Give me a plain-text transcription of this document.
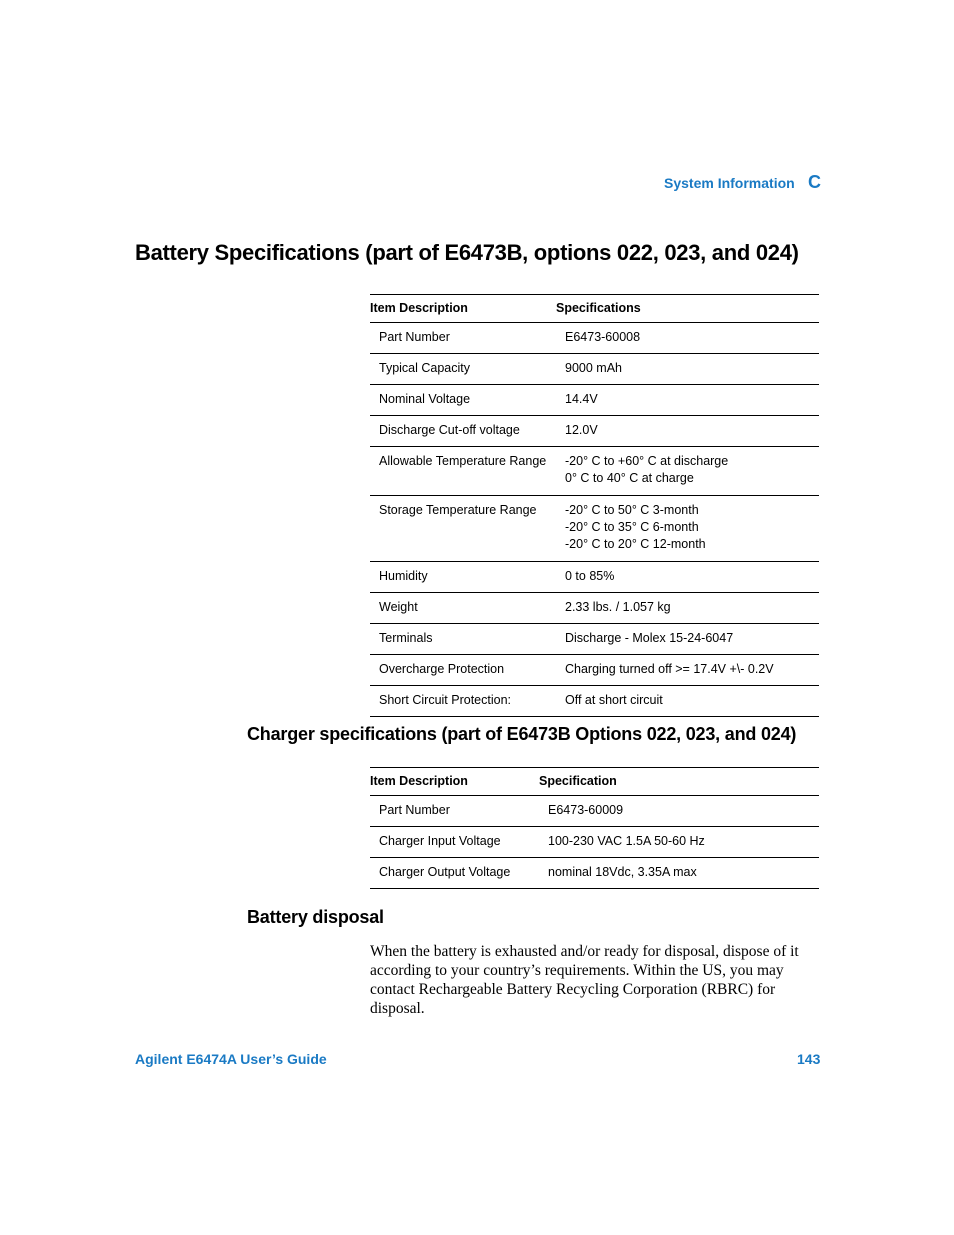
System Information C
Battery Specifications (part of E6473B, options 022, 023, and 024)
Item Description	Specifications
Part Number	E6473-60008

Typical Capacity	9000 mAh

Nominal Voltage	14.4V

Discharge Cut-off voltage	12.0V

Allowable Temperature Range	-20° C to +60° C at discharge
0° C to 40° C at charge

Storage Temperature Range	-20° C to 50° C 3-month
-20° C to 35° C 6-month
-20° C to 20° C 12-month

Humidity	0 to 85%

Weight	2.33 lbs. / 1.057 kg

Terminals	Discharge - Molex 15-24-6047

Overcharge Protection	Charging turned off >= 17.4V +\- 0.2V

Short Circuit Protection:	Off at short circuit
Charger specifications (part of E6473B Options 022, 023, and 024)
Item Description	Specification
Part Number	E6473-60009

Charger Input Voltage	100-230 VAC 1.5A 50-60 Hz

Charger Output Voltage	nominal 18Vdc, 3.35A max
Battery disposal
When the battery is exhausted and/or ready for disposal, dispose of it according to your country’s requirements. Within the US, you may contact Rechargeable Battery Recycling Corporation (RBRC) for disposal.
Agilent E6474A User’s Guide	143
